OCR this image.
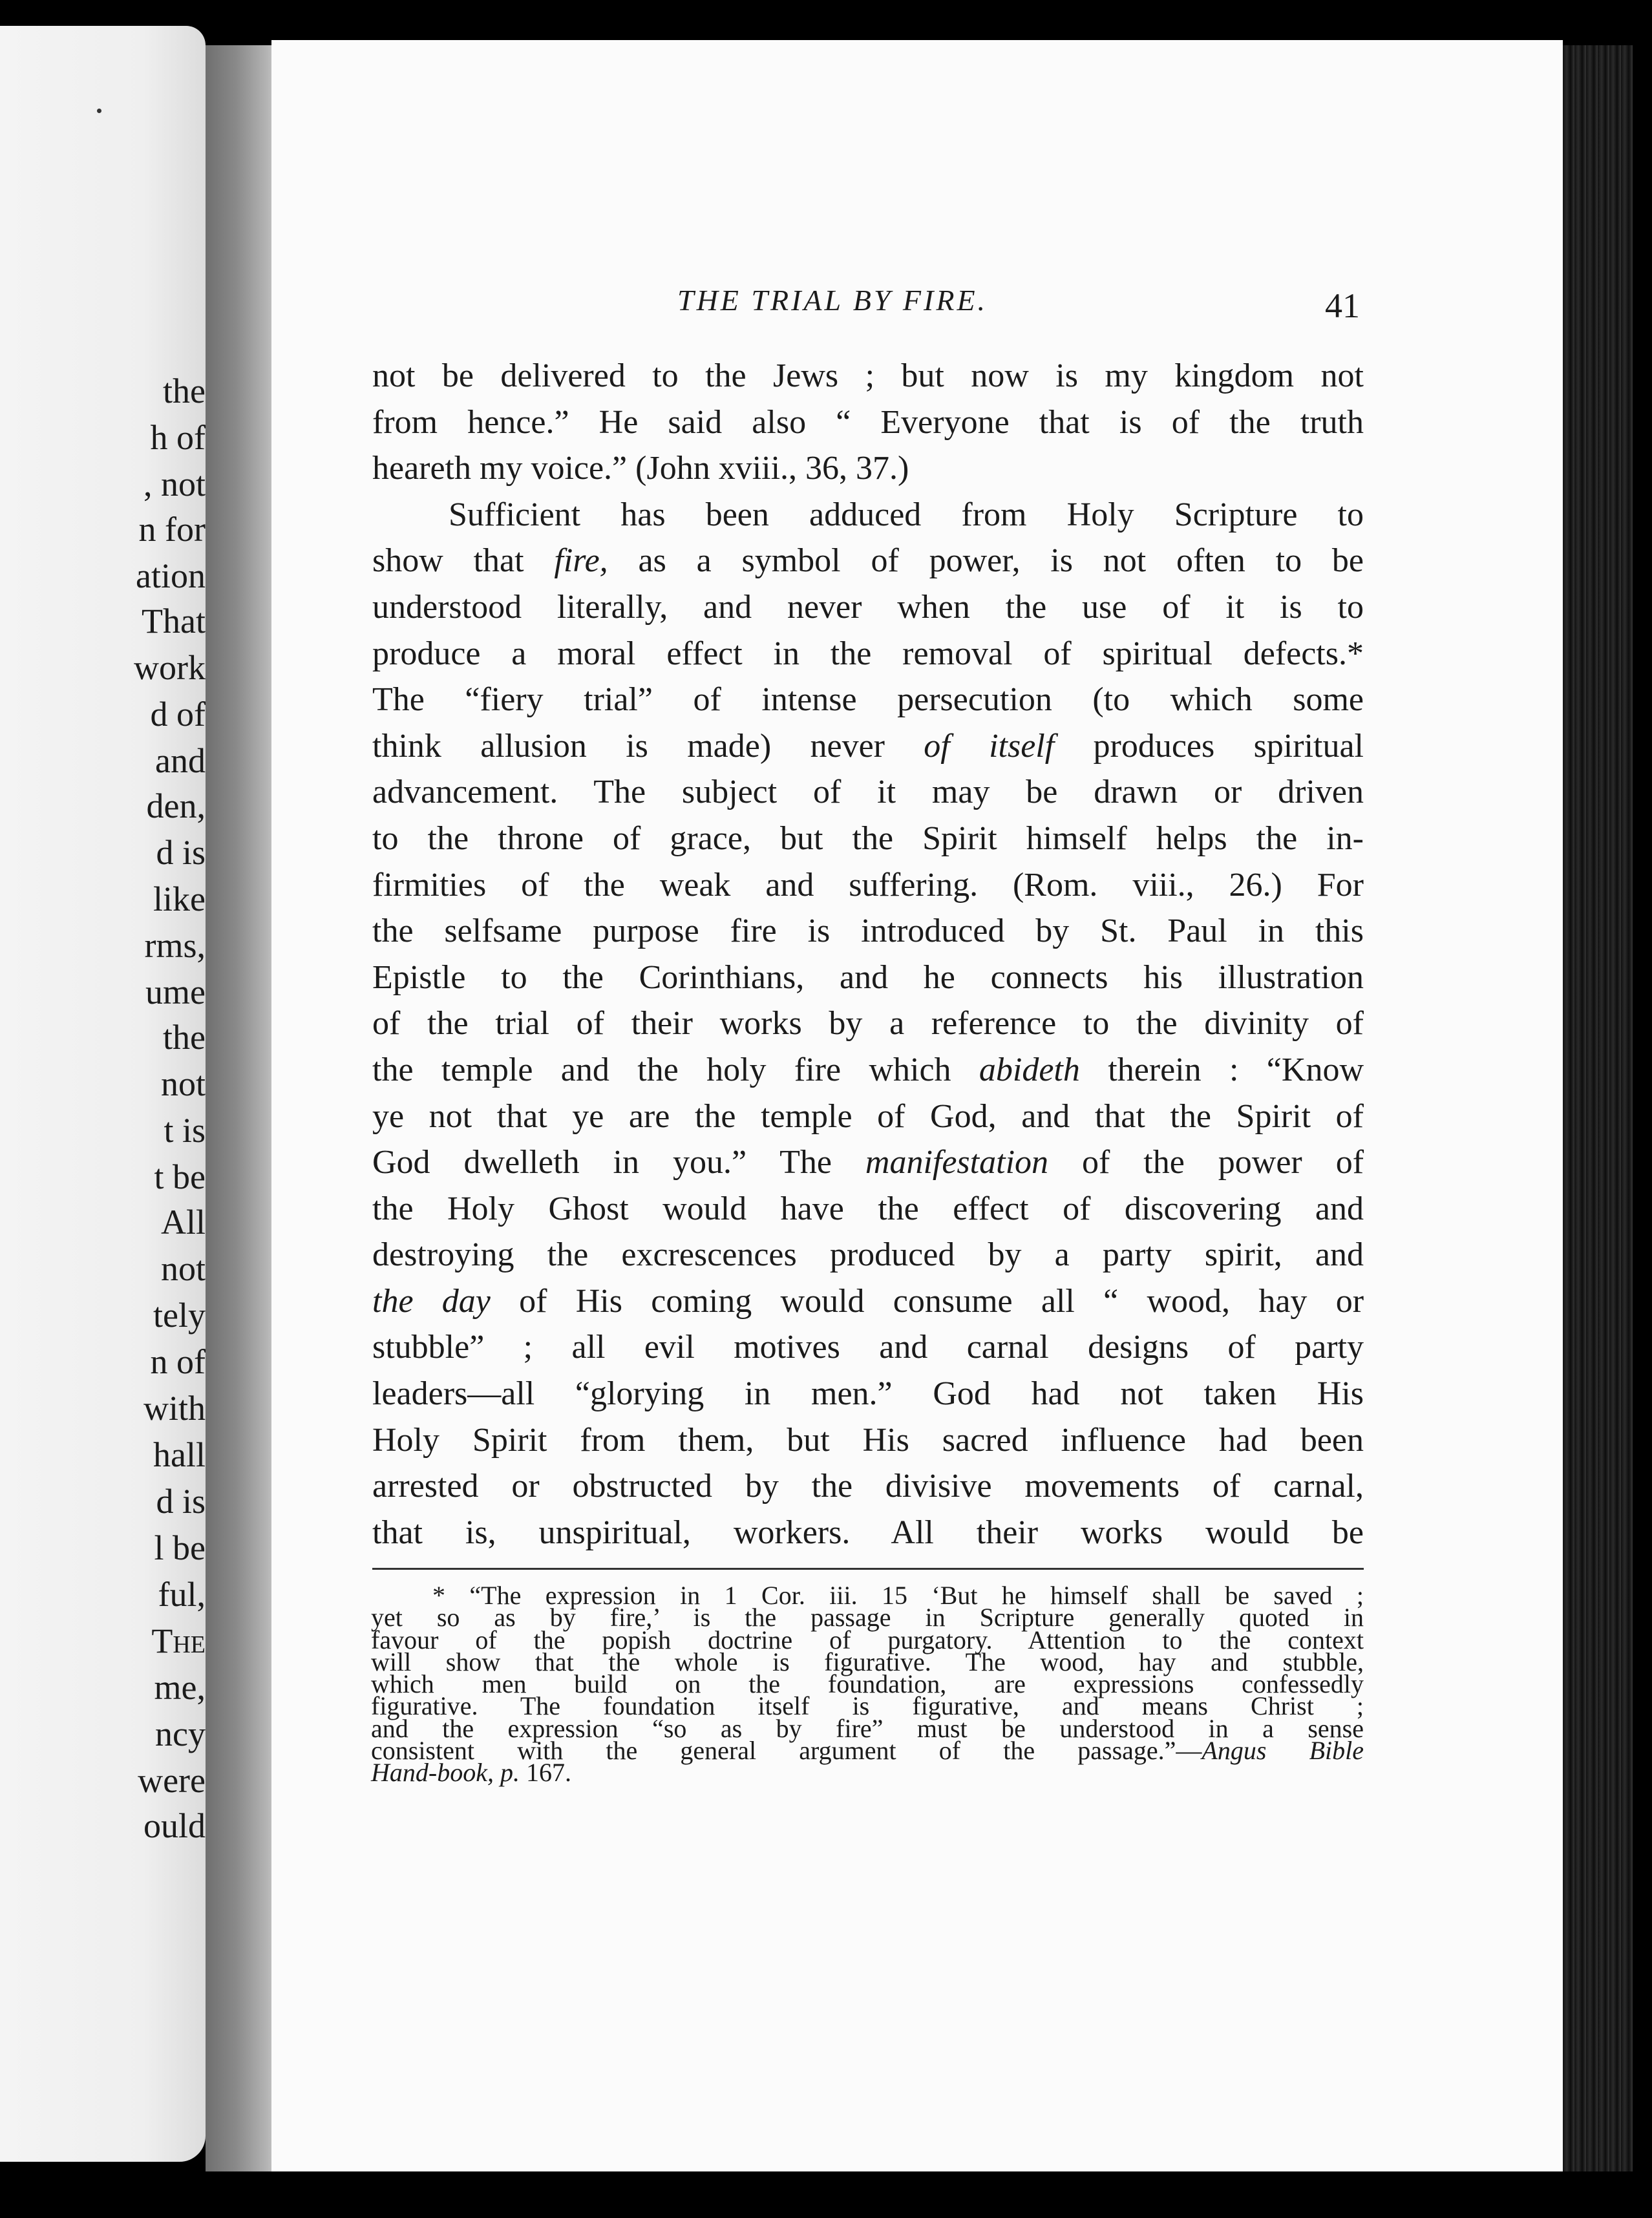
the
h of
, not
n for
ation
That
work
d of
and
den,
d is
like
rms,
ume
the
not
t is
t be
All
not
tely
n of
with
hall
d is
l be
ful,
The
me,
ncy
were
ould
THE TRIAL BY FIRE.	41
not be delivered to the Jews ; but now is my kingdom not
from hence.” He said also “ Everyone that is of the truth
heareth my voice.” (John xviii., 36, 37.)
Sufficient has been adduced from Holy Scripture to
show that fire, as a symbol of power, is not often to be
understood literally, and never when the use of it is to
produce a moral effect in the removal of spiritual defects.*
The “fiery trial” of intense persecution (to which some
think allusion is made) never of itself produces spiritual
advancement. The subject of it may be drawn or driven
to the throne of grace, but the Spirit himself helps the in-
firmities of the weak and suffering. (Rom. viii., 26.) For
the selfsame purpose fire is introduced by St. Paul in this
Epistle to the Corinthians, and he connects his illustration
of the trial of their works by a reference to the divinity of
the temple and the holy fire which abideth therein : “Know
ye not that ye are the temple of God, and that the Spirit of
God dwelleth in you.” The manifestation of the power of
the Holy Ghost would have the effect of discovering and
destroying the excrescences produced by a party spirit, and
the day of His coming would consume all “ wood, hay or
stubble” ; all evil motives and carnal designs of party
leaders—all “glorying in men.” God had not taken His
Holy Spirit from them, but His sacred influence had been
arrested or obstructed by the divisive movements of carnal,
that is, unspiritual, workers. All their works would be
* “The expression in 1 Cor. iii. 15 ‘But he himself shall be saved ;
yet so as by fire,’ is the passage in Scripture generally quoted in
favour of the popish doctrine of purgatory. Attention to the context
will show that the whole is figurative. The wood, hay and stubble,
which men build on the foundation, are expressions confessedly
figurative. The foundation itself is figurative, and means Christ ;
and the expression “so as by fire” must be understood in a sense
consistent with the general argument of the passage.”—Angus Bible
Hand-book, p. 167.
